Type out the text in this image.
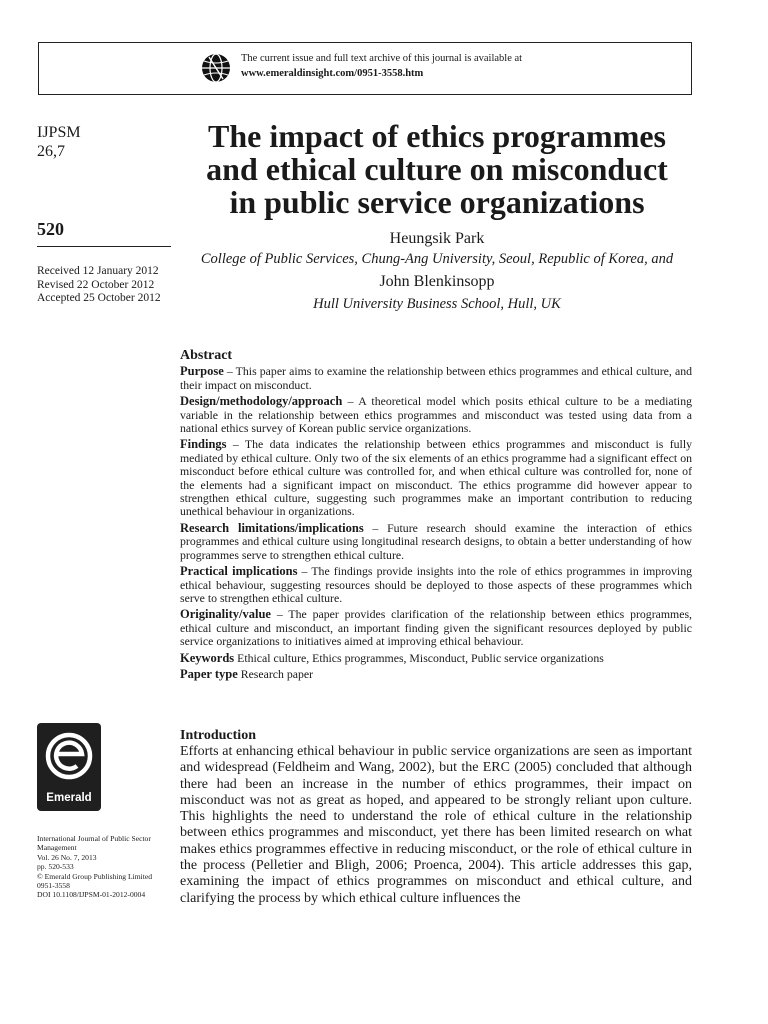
The current issue and full text archive of this journal is available at
www.emeraldinsight.com/0951-3558.htm
IJPSM
26,7
520
Received 12 January 2012
Revised 22 October 2012
Accepted 25 October 2012
The impact of ethics programmes
and ethical culture on misconduct
in public service organizations
Heungsik Park
College of Public Services, Chung-Ang University, Seoul, Republic of Korea, and
John Blenkinsopp
Hull University Business School, Hull, UK
Abstract

Purpose – This paper aims to examine the relationship between ethics programmes and ethical culture, and their impact on misconduct.

Design/methodology/approach – A theoretical model which posits ethical culture to be a mediating variable in the relationship between ethics programmes and misconduct was tested using data from a national ethics survey of Korean public service organizations.

Findings – The data indicates the relationship between ethics programmes and misconduct is fully mediated by ethical culture. Only two of the six elements of an ethics programme had a significant effect on misconduct before ethical culture was controlled for, and when ethical culture was controlled for, none of the elements had a significant impact on misconduct. The ethics programme did however appear to strengthen ethical culture, suggesting such programmes make an important contribution to reducing unethical behaviour in organizations.

Research limitations/implications – Future research should examine the interaction of ethics programmes and ethical culture using longitudinal research designs, to obtain a better understanding of how programmes serve to strengthen ethical culture.

Practical implications – The findings provide insights into the role of ethics programmes in improving ethical behaviour, suggesting resources should be deployed to those aspects of these programmes which serve to strengthen ethical culture.

Originality/value – The paper provides clarification of the relationship between ethics programmes, ethical culture and misconduct, an important finding given the significant resources deployed by public service organizations to initiatives aimed at improving ethical behaviour.

Keywords Ethical culture, Ethics programmes, Misconduct, Public service organizations

Paper type Research paper

Emerald
International Journal of Public Sector
Management
Vol. 26 No. 7, 2013
pp. 520-533
© Emerald Group Publishing Limited
0951-3558
DOI 10.1108/IJPSM-01-2012-0004
Introduction

Efforts at enhancing ethical behaviour in public service organizations are seen as important and widespread (Feldheim and Wang, 2002), but the ERC (2005) concluded that although there had been an increase in the number of ethics programmes, their impact on misconduct was not as great as hoped, and appeared to be strongly reliant upon culture. This highlights the need to understand the role of ethical culture in the relationship between ethics programmes and misconduct, yet there has been limited research on what makes ethics programmes effective in reducing misconduct, or the role of ethical culture in the process (Pelletier and Bligh, 2006; Proenca, 2004). This article addresses this gap, examining the impact of ethics programmes on misconduct and ethical culture, and clarifying the process by which ethical culture influences the
